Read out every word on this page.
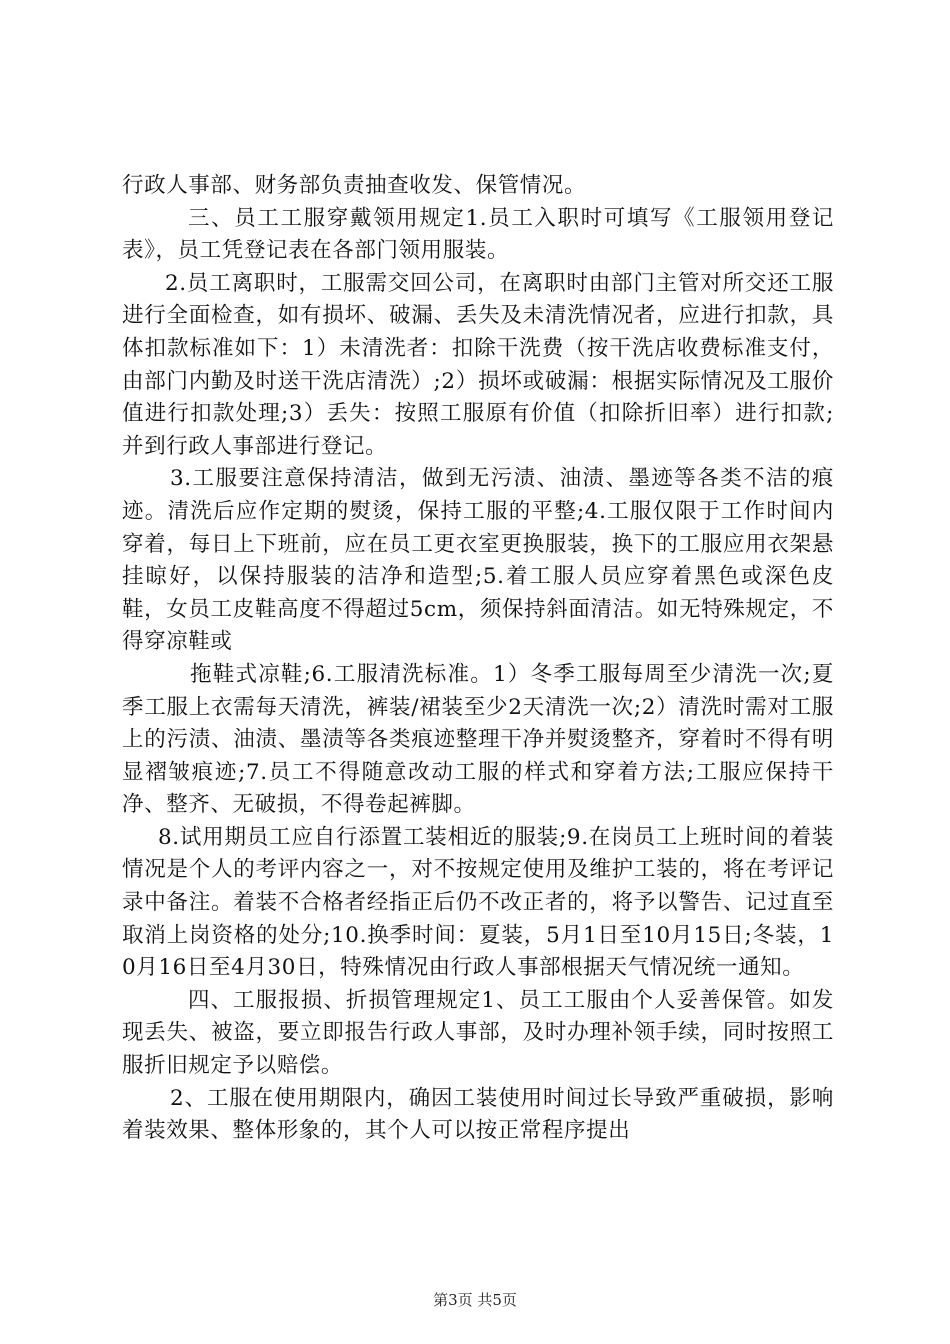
行政人事部、财务部负责抽查收发、保管情况。

三、员工工服穿戴领用规定1.员工入职时可填写《工服领用登记表》，员工凭登记表在各部门领用服装。

2.员工离职时，工服需交回公司，在离职时由部门主管对所交还工服进行全面检查，如有损坏、破漏、丢失及未清洗情况者，应进行扣款，具体扣款标准如下：1）未清洗者：扣除干洗费（按干洗店收费标准支付，由部门内勤及时送干洗店清洗）;2）损坏或破漏：根据实际情况及工服价值进行扣款处理;3）丢失：按照工服原有价值（扣除折旧率）进行扣款;并到行政人事部进行登记。

3.工服要注意保持清洁，做到无污渍、油渍、墨迹等各类不洁的痕迹。清洗后应作定期的熨烫，保持工服的平整;4.工服仅限于工作时间内穿着，每日上下班前，应在员工更衣室更换服装，换下的工服应用衣架悬挂晾好，以保持服装的洁净和造型;5.着工服人员应穿着黑色或深色皮鞋，女员工皮鞋高度不得超过5cm，须保持斜面清洁。如无特殊规定，不得穿凉鞋或

拖鞋式凉鞋;6.工服清洗标准。1）冬季工服每周至少清洗一次;夏季工服上衣需每天清洗，裤装/裙装至少2天清洗一次;2）清洗时需对工服上的污渍、油渍、墨渍等各类痕迹整理干净并熨烫整齐，穿着时不得有明显褶皱痕迹;7.员工不得随意改动工服的样式和穿着方法;工服应保持干净、整齐、无破损，不得卷起裤脚。

8.试用期员工应自行添置工装相近的服装;9.在岗员工上班时间的着装情况是个人的考评内容之一，对不按规定使用及维护工装的，将在考评记录中备注。着装不合格者经指正后仍不改正者的，将予以警告、记过直至取消上岗资格的处分;10.换季时间：夏装，5月1日至10月15日;冬装，10月16日至4月30日，特殊情况由行政人事部根据天气情况统一通知。

四、工服报损、折损管理规定1、员工工服由个人妥善保管。如发现丢失、被盗，要立即报告行政人事部，及时办理补领手续，同时按照工服折旧规定予以赔偿。

2、工服在使用期限内，确因工装使用时间过长导致严重破损，影响着装效果、整体形象的，其个人可以按正常程序提出

第3页 共5页
